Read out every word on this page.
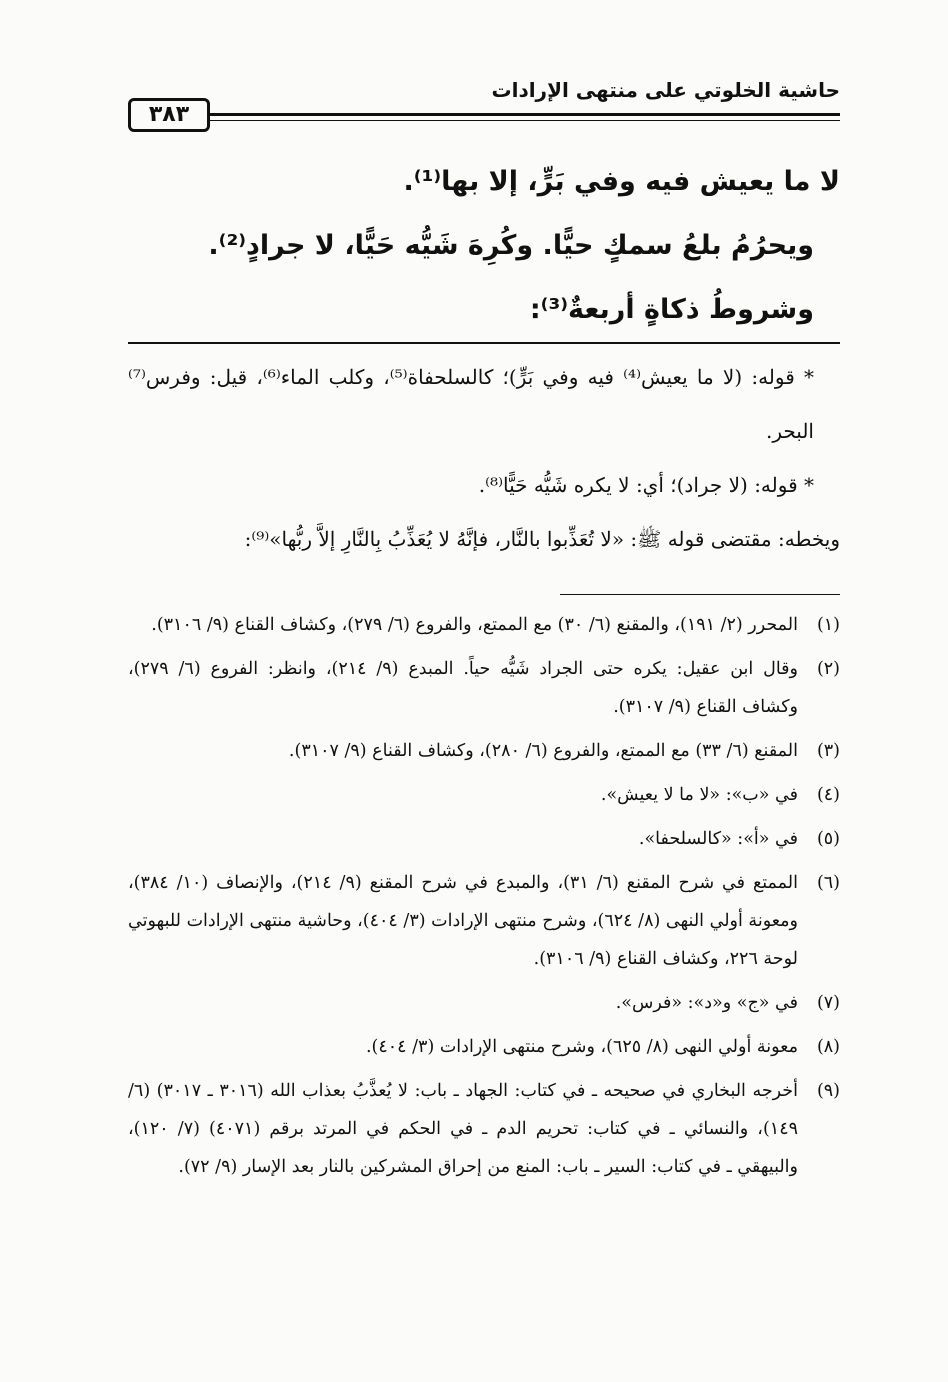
٣٨٣
حاشية الخلوتي على منتهى الإرادات

لا ما يعيش فيه وفي بَرٍّ، إلا بها⁽¹⁾.

ويحرُمُ بلعُ سمكٍ حيًّا. وكُرِهَ شَيُّه حَيًّا، لا جرادٍ⁽²⁾.

وشروطُ ذكاةٍ أربعةٌ⁽³⁾:

* قوله: (لا ما يعيش⁽⁴⁾ فيه وفي بَرٍّ)؛ كالسلحفاة⁽⁵⁾، وكلب الماء⁽⁶⁾، قيل: وفرس⁽⁷⁾ البحر.

* قوله: (لا جراد)؛ أي: لا يكره شَيُّه حَيًّا⁽⁸⁾.

ويخطه: مقتضى قوله ﷺ: «لا تُعَذِّبوا بالنَّار، فإنَّهُ لا يُعَذِّبُ بِالنَّارِ إلاَّ ربُّها»⁽⁹⁾:

(١)
المحرر (٢/ ١٩١)، والمقنع (٦/ ٣٠) مع الممتع، والفروع (٦/ ٢٧٩)، وكشاف القناع (٩/ ٣١٠٦).
(٢)
وقال ابن عقيل: يكره حتى الجراد شَيُّه حياً. المبدع (٩/ ٢١٤)، وانظر: الفروع (٦/ ٢٧٩)، وكشاف القناع (٩/ ٣١٠٧).
(٣)
المقنع (٦/ ٣٣) مع الممتع، والفروع (٦/ ٢٨٠)، وكشاف القناع (٩/ ٣١٠٧).
(٤)
في «ب»: «لا ما لا يعيش».
(٥)
في «أ»: «كالسلحفا».
(٦)
الممتع في شرح المقنع (٦/ ٣١)، والمبدع في شرح المقنع (٩/ ٢١٤)، والإنصاف (١٠/ ٣٨٤)، ومعونة أولي النهى (٨/ ٦٢٤)، وشرح منتهى الإرادات (٣/ ٤٠٤)، وحاشية منتهى الإرادات للبهوتي لوحة ٢٢٦، وكشاف القناع (٩/ ٣١٠٦).
(٧)
في «ج» و«د»: «فرس».
(٨)
معونة أولي النهى (٨/ ٦٢٥)، وشرح منتهى الإرادات (٣/ ٤٠٤).
(٩)
أخرجه البخاري في صحيحه ـ في كتاب: الجهاد ـ باب: لا يُعذَّبُ بعذاب الله (٣٠١٦ ـ ٣٠١٧) (٦/ ١٤٩)، والنسائي ـ في كتاب: تحريم الدم ـ في الحكم في المرتد برقم (٤٠٧١) (٧/ ١٢٠)، والبيهقي ـ في كتاب: السير ـ باب: المنع من إحراق المشركين بالنار بعد الإسار (٩/ ٧٢).
